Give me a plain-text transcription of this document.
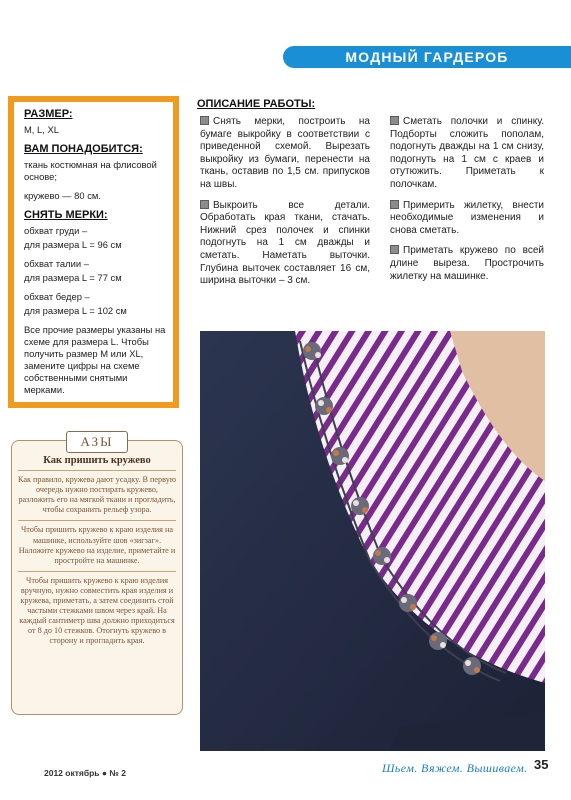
МОДНЫЙ ГАРДЕРОБ
РАЗМЕР:
M, L, XL
ВАМ ПОНАДОБИТСЯ:
ткань костюмная на флисовой основе;
кружево — 80 см.
СНЯТЬ МЕРКИ:
обхват груди –
для размера L = 96 см
обхват талии –
для размера L = 77 см
обхват бедер –
для размера L = 102 см
Все прочие размеры указаны на схеме для размера L. Чтобы получить размер M или XL, замените цифры на схеме собственными снятыми мерками.
АЗЫ
Как пришить кружево

Как правило, кружева дают усадку. В первую очередь нужно постирать кружево, разложить его на мягкой ткани и прогладить, чтобы сохранить рельеф узора.

Чтобы пришить кружево к краю изделия на машинке, используйте шов «зигзаг». Наложите кружево на изделие, приметайте и простройте на машинке.

Чтобы пришить кружево к краю изделия вручную, нужно совместить края изделия и кружева, приметать, а затем соединить стой частыми стежками швом через край. На каждый сантиметр шва должно приходиться от 8 до 10 стежков. Отогнуть кружево в сторону и прогладить края.

ОПИСАНИЕ РАБОТЫ:

Снять мерки, построить на бумаге выкройку в соответствии с приведенной схемой. Вырезать выкройку из бумаги, перенести на ткань, оставив по 1,5 см. припусков на швы.

Выкроить все детали. Обработать края ткани, стачать. Нижний срез полочек и спинки подогнуть на 1 см дважды и сметать. Наметать выточки. Глубина выточек составляет 16 см, ширина выточки – 3 см.

Сметать полочки и спинку. Подборты сложить пополам, подогнуть дважды на 1 см снизу, подогнуть на 1 см с краев и отутюжить. Приметать к полочкам.

Примерить жилетку, внести необходимые изменения и снова сметать.

Приметать кружево по всей длине выреза. Прострочить жилетку на машинке.

2012 октябрь ● № 2	Шьем. Вяжем. Вышиваем. 35
